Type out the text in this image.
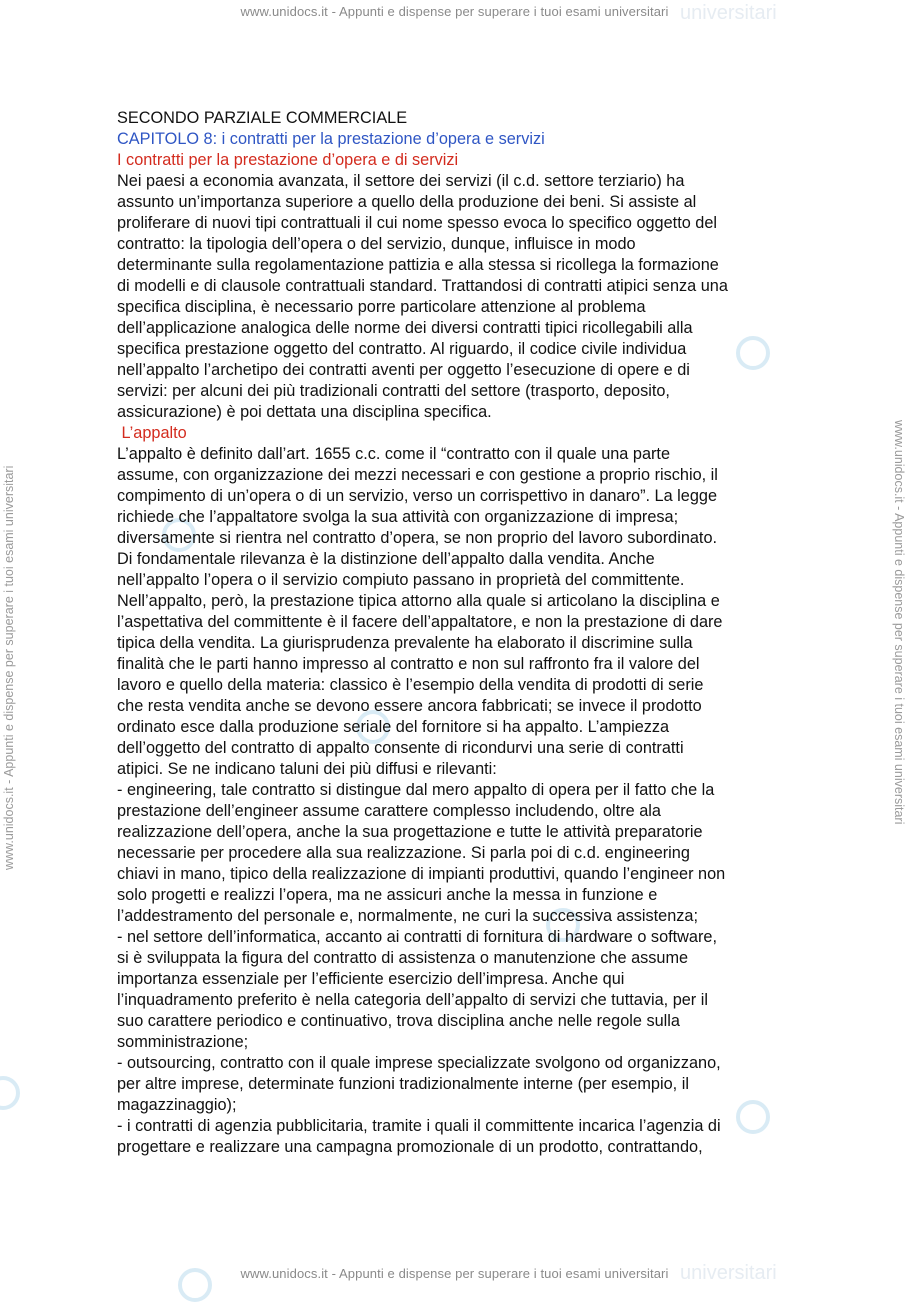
www.unidocs.it - Appunti e dispense per superare i tuoi esami universitari
www.unidocs.it - Appunti e dispense per superare i tuoi esami universitari
www.unidocs.it - Appunti e dispense per superare i tuoi esami universitari	www.unidocs.it - Appunti e dispense per superare i tuoi esami universitari
universitari
universitari
SECONDO PARZIALE COMMERCIALE
CAPITOLO 8: i contratti per la prestazione d’opera e servizi
I contratti per la prestazione d’opera e di servizi
Nei paesi a economia avanzata, il settore dei servizi (il c.d. settore terziario) ha
assunto un’importanza superiore a quello della produzione dei beni. Si assiste al
proliferare di nuovi tipi contrattuali il cui nome spesso evoca lo specifico oggetto del
contratto: la tipologia dell’opera o del servizio, dunque, influisce in modo
determinante sulla regolamentazione pattizia e alla stessa si ricollega la formazione
di modelli e di clausole contrattuali standard. Trattandosi di contratti atipici senza una
specifica disciplina, è necessario porre particolare attenzione al problema
dell’applicazione analogica delle norme dei diversi contratti tipici ricollegabili alla
specifica prestazione oggetto del contratto. Al riguardo, il codice civile individua
nell’appalto l’archetipo dei contratti aventi per oggetto l’esecuzione di opere e di
servizi: per alcuni dei più tradizionali contratti del settore (trasporto, deposito,
assicurazione) è poi dettata una disciplina specifica.
L’appalto
L’appalto è definito dall’art. 1655 c.c. come il “contratto con il quale una parte
assume, con organizzazione dei mezzi necessari e con gestione a proprio rischio, il
compimento di un’opera o di un servizio, verso un corrispettivo in danaro”. La legge
richiede che l’appaltatore svolga la sua attività con organizzazione di impresa;
diversamente si rientra nel contratto d’opera, se non proprio del lavoro subordinato.
Di fondamentale rilevanza è la distinzione dell’appalto dalla vendita. Anche
nell’appalto l’opera o il servizio compiuto passano in proprietà del committente.
Nell’appalto, però, la prestazione tipica attorno alla quale si articolano la disciplina e
l’aspettativa del committente è il facere dell’appaltatore, e non la prestazione di dare
tipica della vendita. La giurisprudenza prevalente ha elaborato il discrimine sulla
finalità che le parti hanno impresso al contratto e non sul raffronto fra il valore del
lavoro e quello della materia: classico è l’esempio della vendita di prodotti di serie
che resta vendita anche se devono essere ancora fabbricati; se invece il prodotto
ordinato esce dalla produzione seriale del fornitore si ha appalto. L’ampiezza
dell’oggetto del contratto di appalto consente di ricondurvi una serie di contratti
atipici. Se ne indicano taluni dei più diffusi e rilevanti:
- engineering, tale contratto si distingue dal mero appalto di opera per il fatto che la
prestazione dell’engineer assume carattere complesso includendo, oltre ala
realizzazione dell’opera, anche la sua progettazione e tutte le attività preparatorie
necessarie per procedere alla sua realizzazione. Si parla poi di c.d. engineering
chiavi in mano, tipico della realizzazione di impianti produttivi, quando l’engineer non
solo progetti e realizzi l’opera, ma ne assicuri anche la messa in funzione e
l’addestramento del personale e, normalmente, ne curi la successiva assistenza;
- nel settore dell’informatica, accanto ai contratti di fornitura di hardware o software,
si è sviluppata la figura del contratto di assistenza o manutenzione che assume
importanza essenziale per l’efficiente esercizio dell’impresa. Anche qui
l’inquadramento preferito è nella categoria dell’appalto di servizi che tuttavia, per il
suo carattere periodico e continuativo, trova disciplina anche nelle regole sulla
somministrazione;
- outsourcing, contratto con il quale imprese specializzate svolgono od organizzano,
per altre imprese, determinate funzioni tradizionalmente interne (per esempio, il
magazzinaggio);
- i contratti di agenzia pubblicitaria, tramite i quali il committente incarica l’agenzia di
progettare e realizzare una campagna promozionale di un prodotto, contrattando,
